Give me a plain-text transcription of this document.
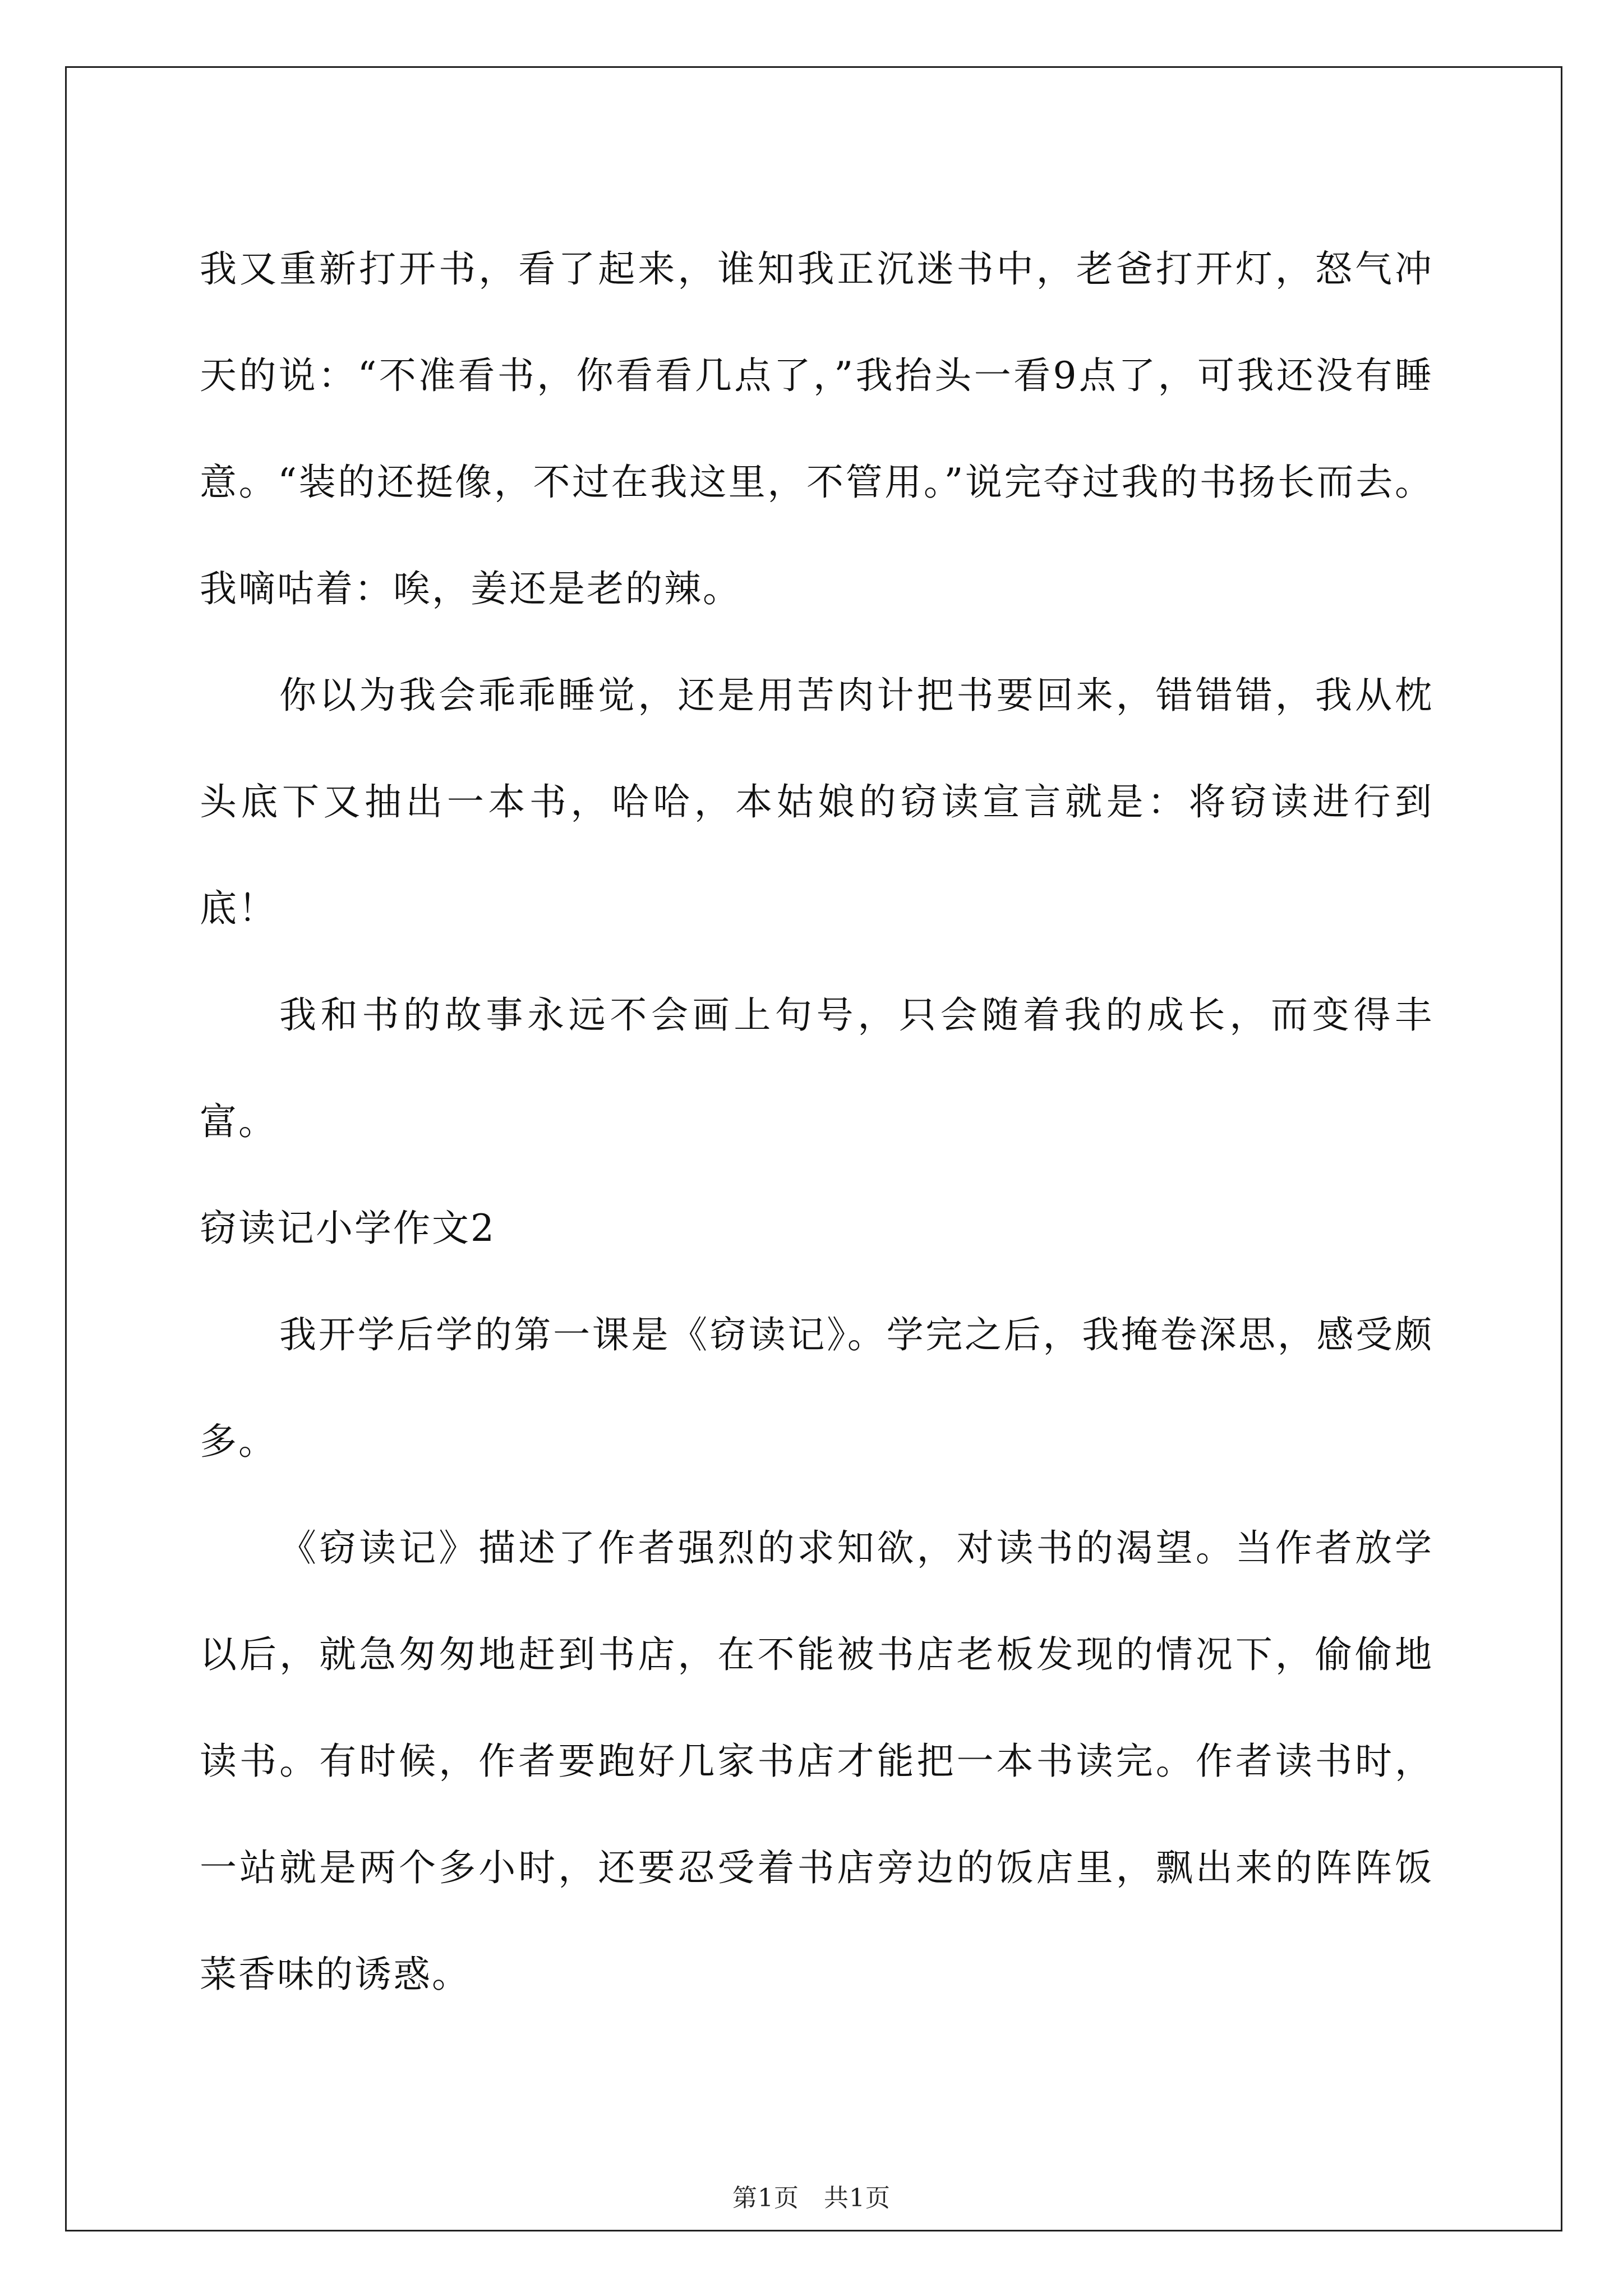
我又重新打开书，看了起来，谁知我正沉迷书中，老爸打开灯，怒气冲天的说：“不准看书，你看看几点了，”我抬头一看9点了，可我还没有睡意。“装的还挺像，不过在我这里，不管用。”说完夺过我的书扬长而去。我嘀咕着：唉，姜还是老的辣。

你以为我会乖乖睡觉，还是用苦肉计把书要回来，错错错，我从枕头底下又抽出一本书，哈哈，本姑娘的窃读宣言就是：将窃读进行到底！

我和书的故事永远不会画上句号，只会随着我的成长，而变得丰富。

窃读记小学作文2

我开学后学的第一课是《窃读记》。学完之后，我掩卷深思，感受颇多。

《窃读记》描述了作者强烈的求知欲，对读书的渴望。当作者放学以后，就急匆匆地赶到书店，在不能被书店老板发现的情况下，偷偷地读书。有时候，作者要跑好几家书店才能把一本书读完。作者读书时，一站就是两个多小时，还要忍受着书店旁边的饭店里，飘出来的阵阵饭菜香味的诱惑。

第1页 共1页
